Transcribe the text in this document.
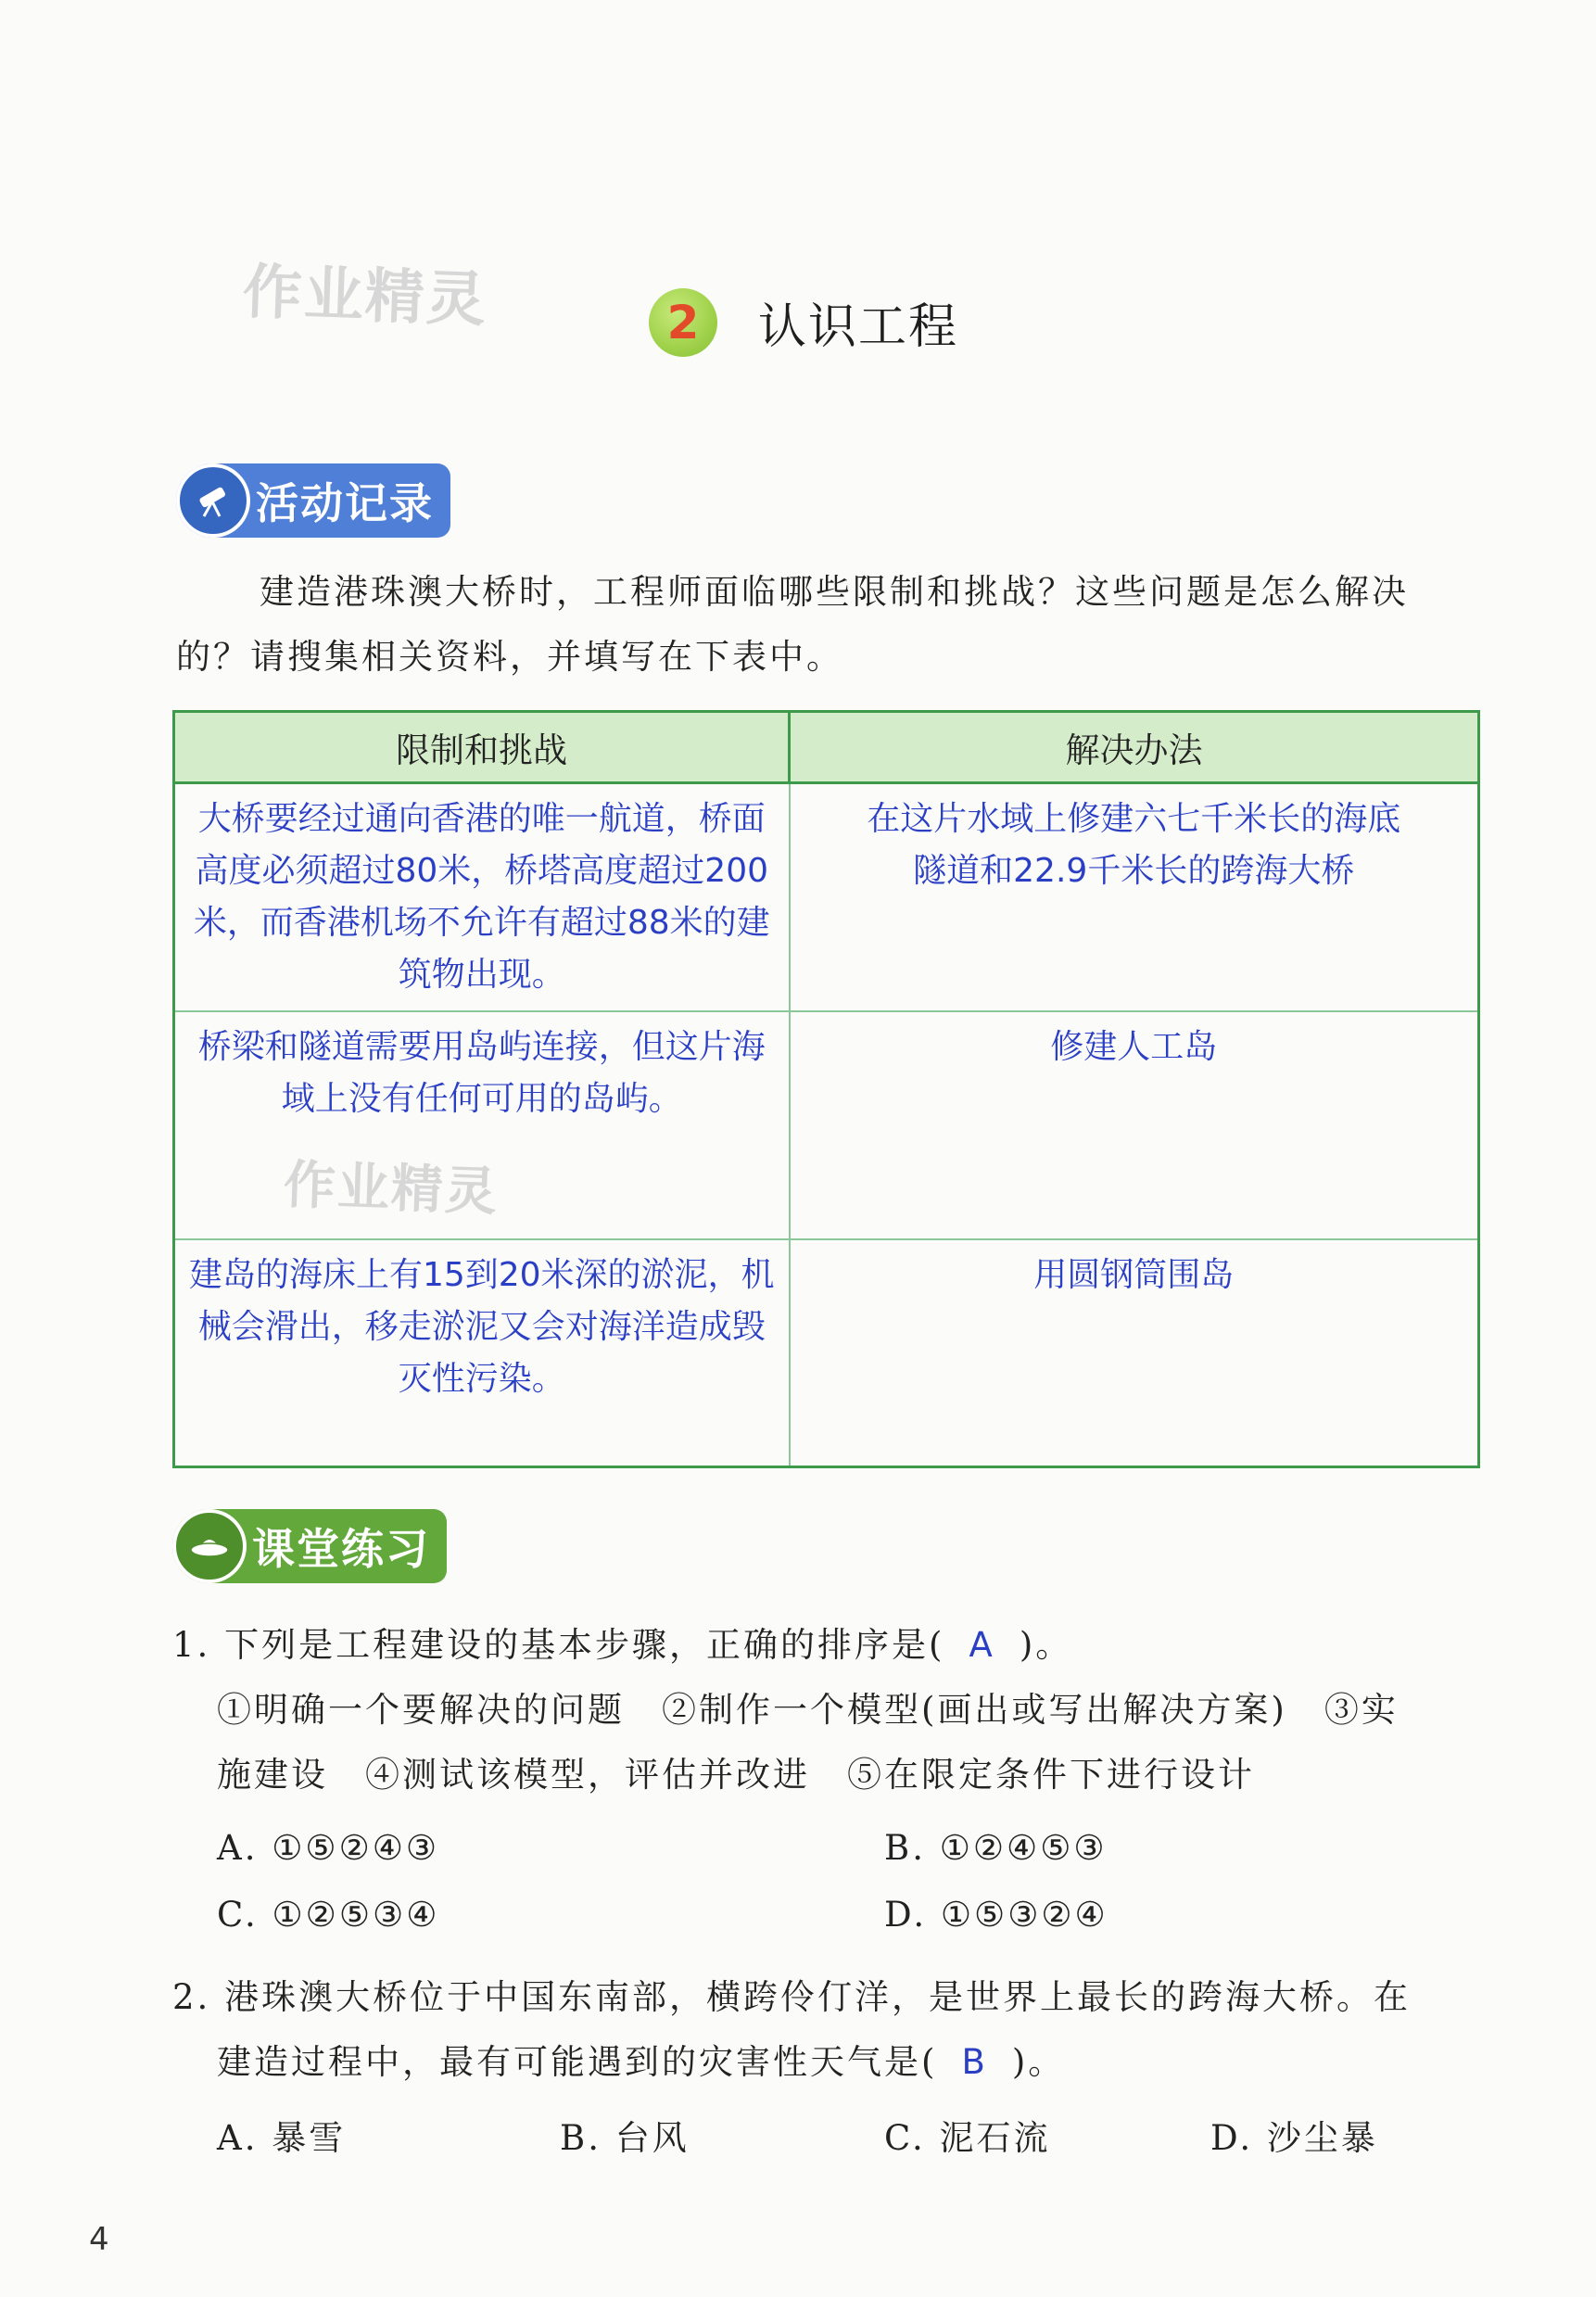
作业精灵
作业精灵
2	认识工程
活动记录
建造港珠澳大桥时，工程师面临哪些限制和挑战？这些问题是怎么解决
的？请搜集相关资料，并填写在下表中。
限制和挑战	解决办法
大桥要经过通向香港的唯一航道，桥面高度必须超过80米，桥塔高度超过200米，而香港机场不允许有超过88米的建筑物出现。	在这片水域上修建六七千米长的海底隧道和22.9千米长的跨海大桥
桥梁和隧道需要用岛屿连接，但这片海域上没有任何可用的岛屿。	修建人工岛
建岛的海床上有15到20米深的淤泥，机械会滑出，移走淤泥又会对海洋造成毁灭性污染。	用圆钢筒围岛
课堂练习
1. 下列是工程建设的基本步骤，正确的排序是( A )。
①明确一个要解决的问题　②制作一个模型(画出或写出解决方案)　③实
施建设　④测试该模型，评估并改进　⑤在限定条件下进行设计
A. ①⑤②④③	B. ①②④⑤③
C. ①②⑤③④	D. ①⑤③②④
2. 港珠澳大桥位于中国东南部，横跨伶仃洋，是世界上最长的跨海大桥。在
建造过程中，最有可能遇到的灾害性天气是( B )。
A. 暴雪	B. 台风	C. 泥石流	D. 沙尘暴
4
